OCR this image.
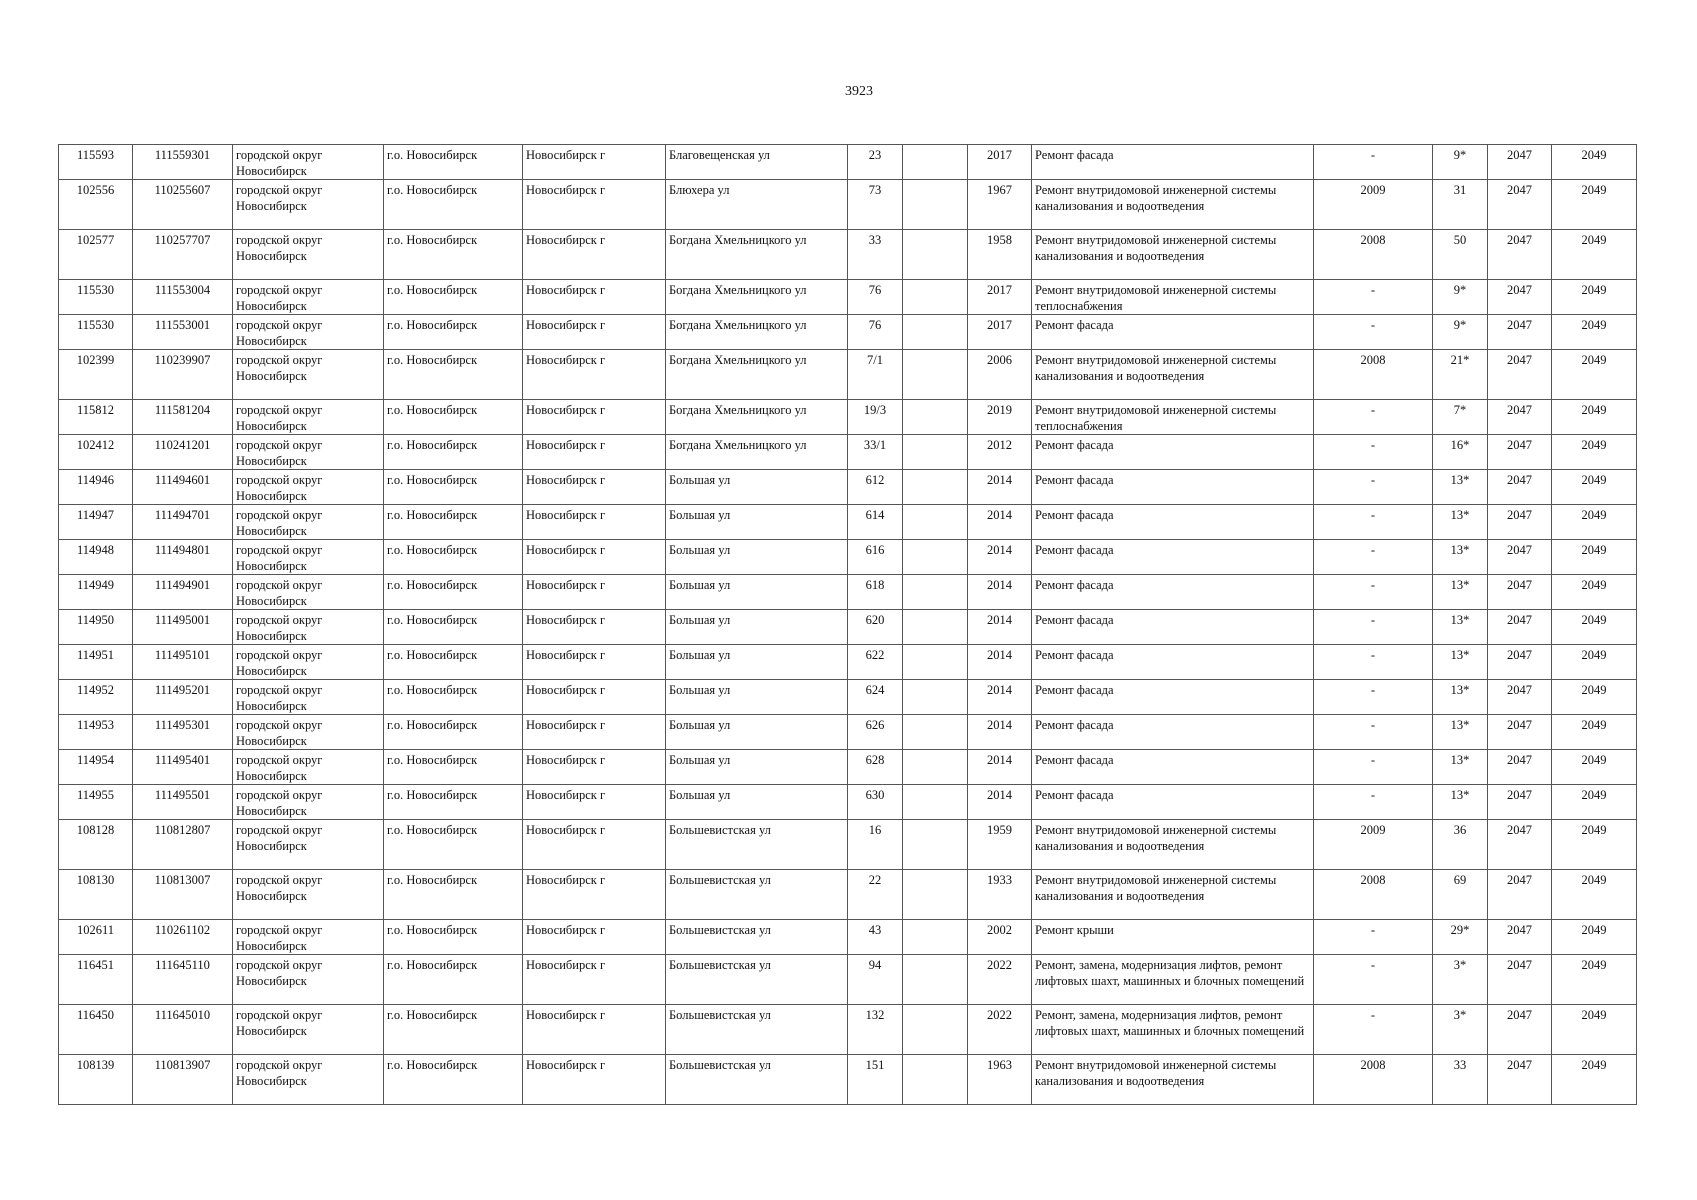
3923
115593	111559301	городской округ Новосибирск	г.о. Новосибирск	Новосибирск г	Благовещенская ул	23		2017	Ремонт фасада	-	9*	2047	2049
102556	110255607	городской округ Новосибирск	г.о. Новосибирск	Новосибирск г	Блюхера ул	73		1967	Ремонт внутридомовой инженерной системы канализования и водоотведения	2009	31	2047	2049
102577	110257707	городской округ Новосибирск	г.о. Новосибирск	Новосибирск г	Богдана Хмельницкого ул	33		1958	Ремонт внутридомовой инженерной системы канализования и водоотведения	2008	50	2047	2049
115530	111553004	городской округ Новосибирск	г.о. Новосибирск	Новосибирск г	Богдана Хмельницкого ул	76		2017	Ремонт внутридомовой инженерной системы теплоснабжения	-	9*	2047	2049
115530	111553001	городской округ Новосибирск	г.о. Новосибирск	Новосибирск г	Богдана Хмельницкого ул	76		2017	Ремонт фасада	-	9*	2047	2049
102399	110239907	городской округ Новосибирск	г.о. Новосибирск	Новосибирск г	Богдана Хмельницкого ул	7/1		2006	Ремонт внутридомовой инженерной системы канализования и водоотведения	2008	21*	2047	2049
115812	111581204	городской округ Новосибирск	г.о. Новосибирск	Новосибирск г	Богдана Хмельницкого ул	19/3		2019	Ремонт внутридомовой инженерной системы теплоснабжения	-	7*	2047	2049
102412	110241201	городской округ Новосибирск	г.о. Новосибирск	Новосибирск г	Богдана Хмельницкого ул	33/1		2012	Ремонт фасада	-	16*	2047	2049
114946	111494601	городской округ Новосибирск	г.о. Новосибирск	Новосибирск г	Большая ул	612		2014	Ремонт фасада	-	13*	2047	2049
114947	111494701	городской округ Новосибирск	г.о. Новосибирск	Новосибирск г	Большая ул	614		2014	Ремонт фасада	-	13*	2047	2049
114948	111494801	городской округ Новосибирск	г.о. Новосибирск	Новосибирск г	Большая ул	616		2014	Ремонт фасада	-	13*	2047	2049
114949	111494901	городской округ Новосибирск	г.о. Новосибирск	Новосибирск г	Большая ул	618		2014	Ремонт фасада	-	13*	2047	2049
114950	111495001	городской округ Новосибирск	г.о. Новосибирск	Новосибирск г	Большая ул	620		2014	Ремонт фасада	-	13*	2047	2049
114951	111495101	городской округ Новосибирск	г.о. Новосибирск	Новосибирск г	Большая ул	622		2014	Ремонт фасада	-	13*	2047	2049
114952	111495201	городской округ Новосибирск	г.о. Новосибирск	Новосибирск г	Большая ул	624		2014	Ремонт фасада	-	13*	2047	2049
114953	111495301	городской округ Новосибирск	г.о. Новосибирск	Новосибирск г	Большая ул	626		2014	Ремонт фасада	-	13*	2047	2049
114954	111495401	городской округ Новосибирск	г.о. Новосибирск	Новосибирск г	Большая ул	628		2014	Ремонт фасада	-	13*	2047	2049
114955	111495501	городской округ Новосибирск	г.о. Новосибирск	Новосибирск г	Большая ул	630		2014	Ремонт фасада	-	13*	2047	2049
108128	110812807	городской округ Новосибирск	г.о. Новосибирск	Новосибирск г	Большевистская ул	16		1959	Ремонт внутридомовой инженерной системы канализования и водоотведения	2009	36	2047	2049
108130	110813007	городской округ Новосибирск	г.о. Новосибирск	Новосибирск г	Большевистская ул	22		1933	Ремонт внутридомовой инженерной системы канализования и водоотведения	2008	69	2047	2049
102611	110261102	городской округ Новосибирск	г.о. Новосибирск	Новосибирск г	Большевистская ул	43		2002	Ремонт крыши	-	29*	2047	2049
116451	111645110	городской округ Новосибирск	г.о. Новосибирск	Новосибирск г	Большевистская ул	94		2022	Ремонт, замена, модернизация лифтов, ремонт лифтовых шахт, машинных и блочных помещений	-	3*	2047	2049
116450	111645010	городской округ Новосибирск	г.о. Новосибирск	Новосибирск г	Большевистская ул	132		2022	Ремонт, замена, модернизация лифтов, ремонт лифтовых шахт, машинных и блочных помещений	-	3*	2047	2049
108139	110813907	городской округ Новосибирск	г.о. Новосибирск	Новосибирск г	Большевистская ул	151		1963	Ремонт внутридомовой инженерной системы канализования и водоотведения	2008	33	2047	2049
